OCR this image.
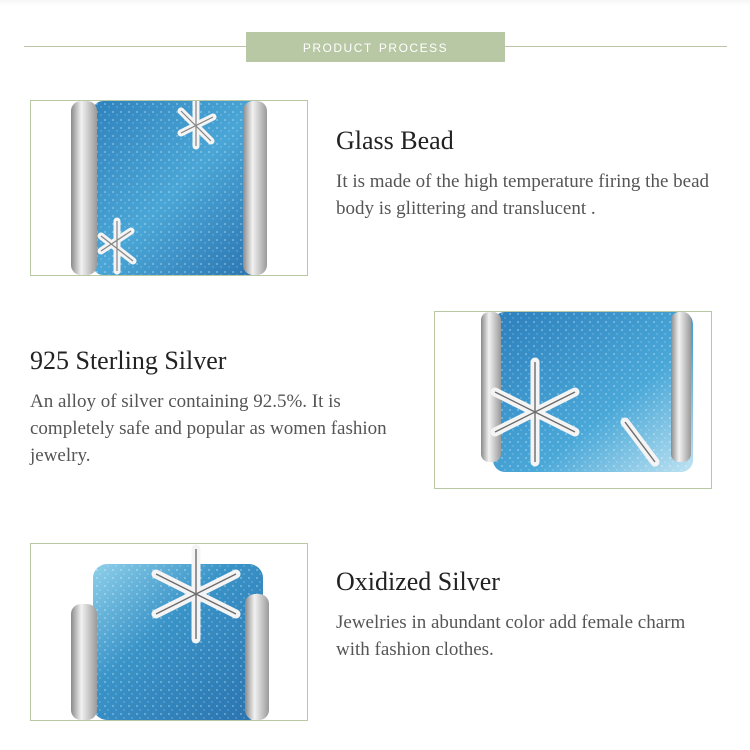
product process
Glass Bead
It is made of the high temperature firing the bead body is glittering and translucent .
925 Sterling Silver
An alloy of silver containing 92.5%. It is completely safe and popular as women fashion jewelry.
Oxidized Silver
Jewelries in abundant color add female charm with fashion clothes.
